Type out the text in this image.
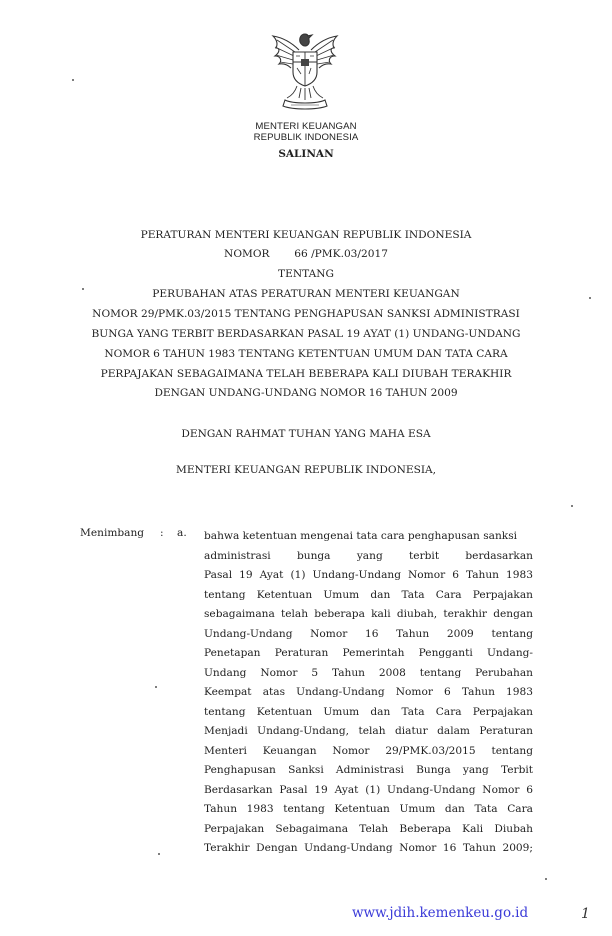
MENTERI KEUANGAN
REPUBLIK INDONESIA
SALINAN
PERATURAN MENTERI KEUANGAN REPUBLIK INDONESIA
NOMOR 66 /PMK.03/2017
TENTANG
PERUBAHAN ATAS PERATURAN MENTERI KEUANGAN
NOMOR 29/PMK.03/2015 TENTANG PENGHAPUSAN SANKSI ADMINISTRASI
BUNGA YANG TERBIT BERDASARKAN PASAL 19 AYAT (1) UNDANG-UNDANG
NOMOR 6 TAHUN 1983 TENTANG KETENTUAN UMUM DAN TATA CARA
PERPAJAKAN SEBAGAIMANA TELAH BEBERAPA KALI DIUBAH TERAKHIR
DENGAN UNDANG-UNDANG NOMOR 16 TAHUN 2009
DENGAN RAHMAT TUHAN YANG MAHA ESA
MENTERI KEUANGAN REPUBLIK INDONESIA,
Menimbang : a. bahwa ketentuan mengenai tata cara penghapusan sanksi
administrasi bunga yang terbit berdasarkan
Pasal 19 Ayat (1) Undang-Undang Nomor 6 Tahun 1983
tentang Ketentuan Umum dan Tata Cara Perpajakan
sebagaimana telah beberapa kali diubah, terakhir dengan
Undang-Undang Nomor 16 Tahun 2009 tentang
Penetapan Peraturan Pemerintah Pengganti Undang-
Undang Nomor 5 Tahun 2008 tentang Perubahan
Keempat atas Undang-Undang Nomor 6 Tahun 1983
tentang Ketentuan Umum dan Tata Cara Perpajakan
Menjadi Undang-Undang, telah diatur dalam Peraturan
Menteri Keuangan Nomor 29/PMK.03/2015 tentang
Penghapusan Sanksi Administrasi Bunga yang Terbit
Berdasarkan Pasal 19 Ayat (1) Undang-Undang Nomor 6
Tahun 1983 tentang Ketentuan Umum dan Tata Cara
Perpajakan Sebagaimana Telah Beberapa Kali Diubah
Terakhir Dengan Undang-Undang Nomor 16 Tahun 2009;
www.jdih.kemenkeu.go.id	1
